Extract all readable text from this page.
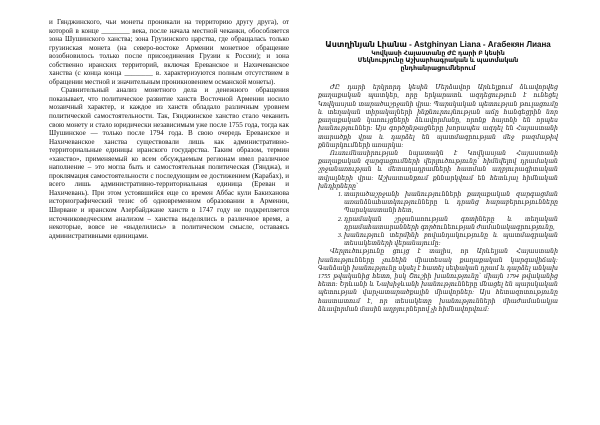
и Гянджинского, чьи монеты проникали на территорию другу друга), от которой в конце ________ века, после начала местной чеканки, обособляется зона Шушинского ханства; зона Грузинского царства, где обращалась только грузинская монета (на северо-востоке Армении монетное обращение возобновилось только после присоединения Грузии к России); и зона собственно иранских территорий, включая Ереванское и Нахичеванское ханства (с конца конца ________ в. характеризуются полным отсутствием в обращении местной и значительным проникновением османской монеты).

Сравнительный анализ монетного дела и денежного обращения показывает, что политическое развитие ханств Восточной Армении носило мозаичный характер, и каждое из ханств обладало различным уровнем политической самостоятельности. Так, Гянджинское ханство стало чеканить свою монету и стало юридически независимым уже после 1755 года, тогда как Шушинское — только после 1794 года. В свою очередь Ереванское и Нахичеванское ханства существовали лишь как административно-территориальные единицы иранского государства. Таким образом, термин «ханство», применяемый ко всем обсуждаемым регионам имел различное наполнение – это могла быть и самостоятельная политическая (Гянджа), и проклямация самостоятельности с последующим ее достижением (Карабах), и всего лишь административно-территориальная единица (Ереван и Нахичевань). При этом устоявшийся еще со времен Аббас кули Бакиханова историографический тезис об одновременном образовании в Армении, Ширване и иранском Азербайджане ханств в 1747 году не подкрепляется источниковедческим анализом – ханства выделялись в различное время, а некоторые, вовсе не «выделились» в политическом смысле, оставаясь административными единицами.

Աստղինյան Լիանա - Astghinyan Liana - Агабекян Лиана
Կովկասի Հայաստանը ԺԸ դարի Բ կեսին
Մեկնությունը Աշխարհագրական և պատմական
ընդհանրացումներում

ԺԸ դարի երկրորդ կեսին Մերձավոր Արևելքում ձևավորվեց քաղաքական պատկեր, որը երկարատև ազդեցություն է ունեցել Կովկասյան տարածաշրջանի վրա: Պարսկական պետության թուլացումը և տեղական տիրակալների ինքնուրույնության աճը հանգեցրին նոր քաղաքական կառույցների ձևավորմանը, որոնք հայտնի են որպես խանություններ: Այս գործընթացները խորապես ազդել են Հայաստանի տարածքի վրա և դարձել են պատմագրության մեջ բազմաթիվ քննարկումների առարկա:

Ուսումնասիրության նպատակն է Կովկասյան Հայաստանի քաղաքական զարգացումների վերլուծությունը՝ հիմնվելով դրամական շրջանառության և մետաղադրամների հատման աղբյուրագիտական տվյալների վրա: Աշխատանքում քննարկվում են հետևյալ հիմնական խնդիրները՝

1. տարածաշրջանի խանությունների քաղաքական զարգացման առանձնահատկությունները և դրանց հարաբերությունները Պարսկաստանի հետ,
2. դրամական շրջանառության գոտիները և տեղական դրամահատարանների գործունեության ժամանակագրությունը,
3. խանություն տերմինի բովանդակությունը և պատմագրական տեսակետների վերանայումը:

Վերլուծությունը ցույց է տալիս, որ Արևելյան Հայաստանի խանությունները չունեին միատեսակ քաղաքական կարգավիճակ: Գանձակի խանությունը սկսել է հատել սեփական դրամ և դարձել անկախ 1755 թվականից հետո, իսկ Շուշիի խանությունը՝ միայն 1794 թվականից հետո: Երևանի և Նախիջևանի խանությունները մնացել են պարսկական պետության վարչատարածքային միավորներ: Այս հետազոտությունը հաստատում է, որ տեսակետը խանությունների միաժամանակյա ձևավորման մասին աղբյուրներով չի հիմնավորվում:
